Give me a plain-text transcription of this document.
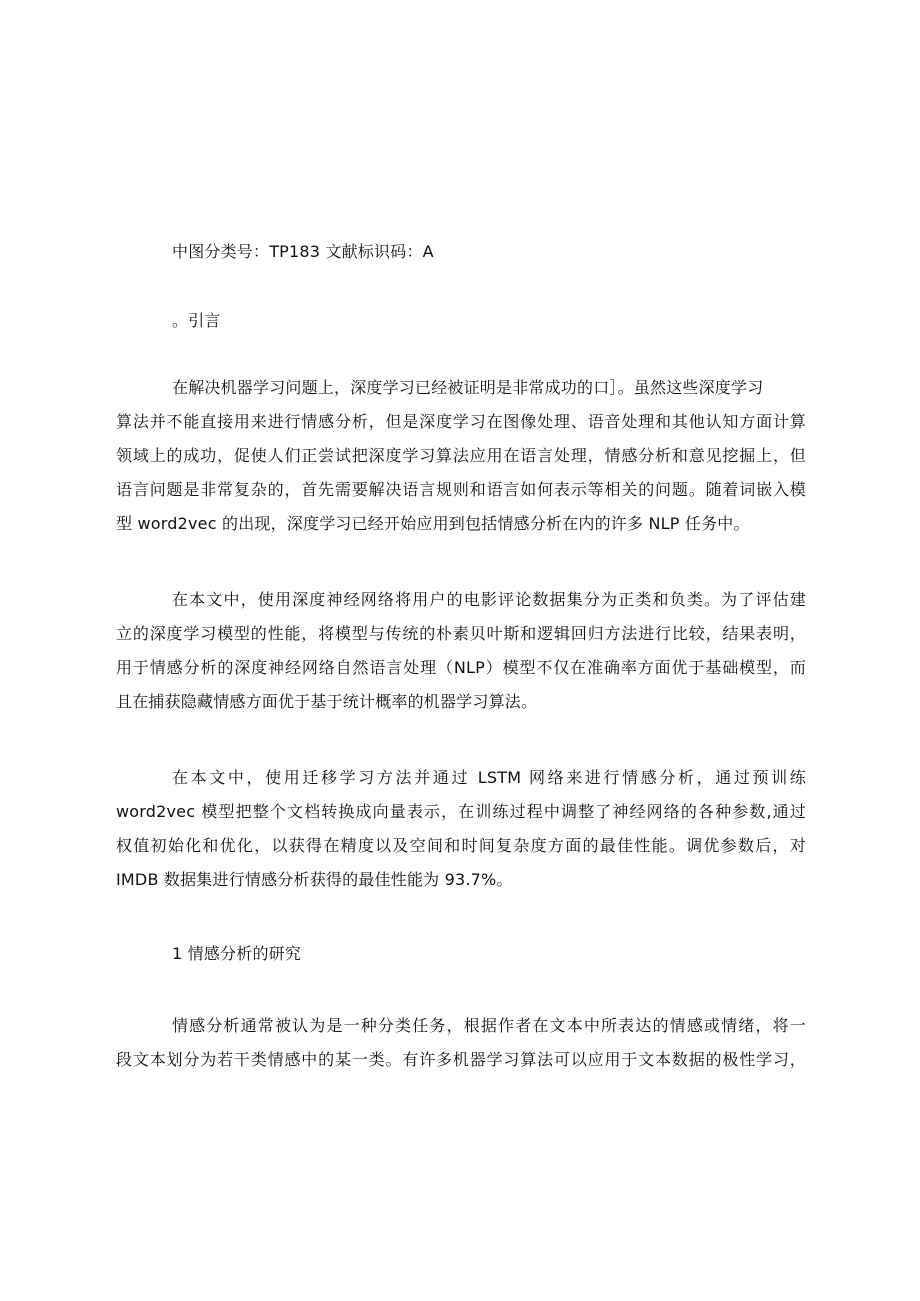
中图分类号：TP183 文献标识码：A
。引言
在解决机器学习问题上，深度学习已经被证明是非常成功的口］。虽然这些深度学习
算法并不能直接用来进行情感分析，但是深度学习在图像处理、语音处理和其他认知方面计算
领域上的成功，促使人们正尝试把深度学习算法应用在语言处理，情感分析和意见挖掘上，但
语言问题是非常复杂的，首先需要解决语言规则和语言如何表示等相关的问题。随着词嵌入模
型 word2vec 的出现，深度学习已经开始应用到包括情感分析在内的许多 NLP 任务中。
在本文中，使用深度神经网络将用户的电影评论数据集分为正类和负类。为了评估建
立的深度学习模型的性能，将模型与传统的朴素贝叶斯和逻辑回归方法进行比较，结果表明，
用于情感分析的深度神经网络自然语言处理（NLP）模型不仅在准确率方面优于基础模型，而
且在捕获隐藏情感方面优于基于统计概率的机器学习算法。
在本文中，使用迁移学习方法并通过 LSTM 网络来进行情感分析，通过预训练
word2vec 模型把整个文档转换成向量表示，在训练过程中调整了神经网络的各种参数,通过
权值初始化和优化，以获得在精度以及空间和时间复杂度方面的最佳性能。调优参数后，对
IMDB 数据集进行情感分析获得的最佳性能为 93.7%。
1 情感分析的研究
情感分析通常被认为是一种分类任务，根据作者在文本中所表达的情感或情绪，将一
段文本划分为若干类情感中的某一类。有许多机器学习算法可以应用于文本数据的极性学习，
